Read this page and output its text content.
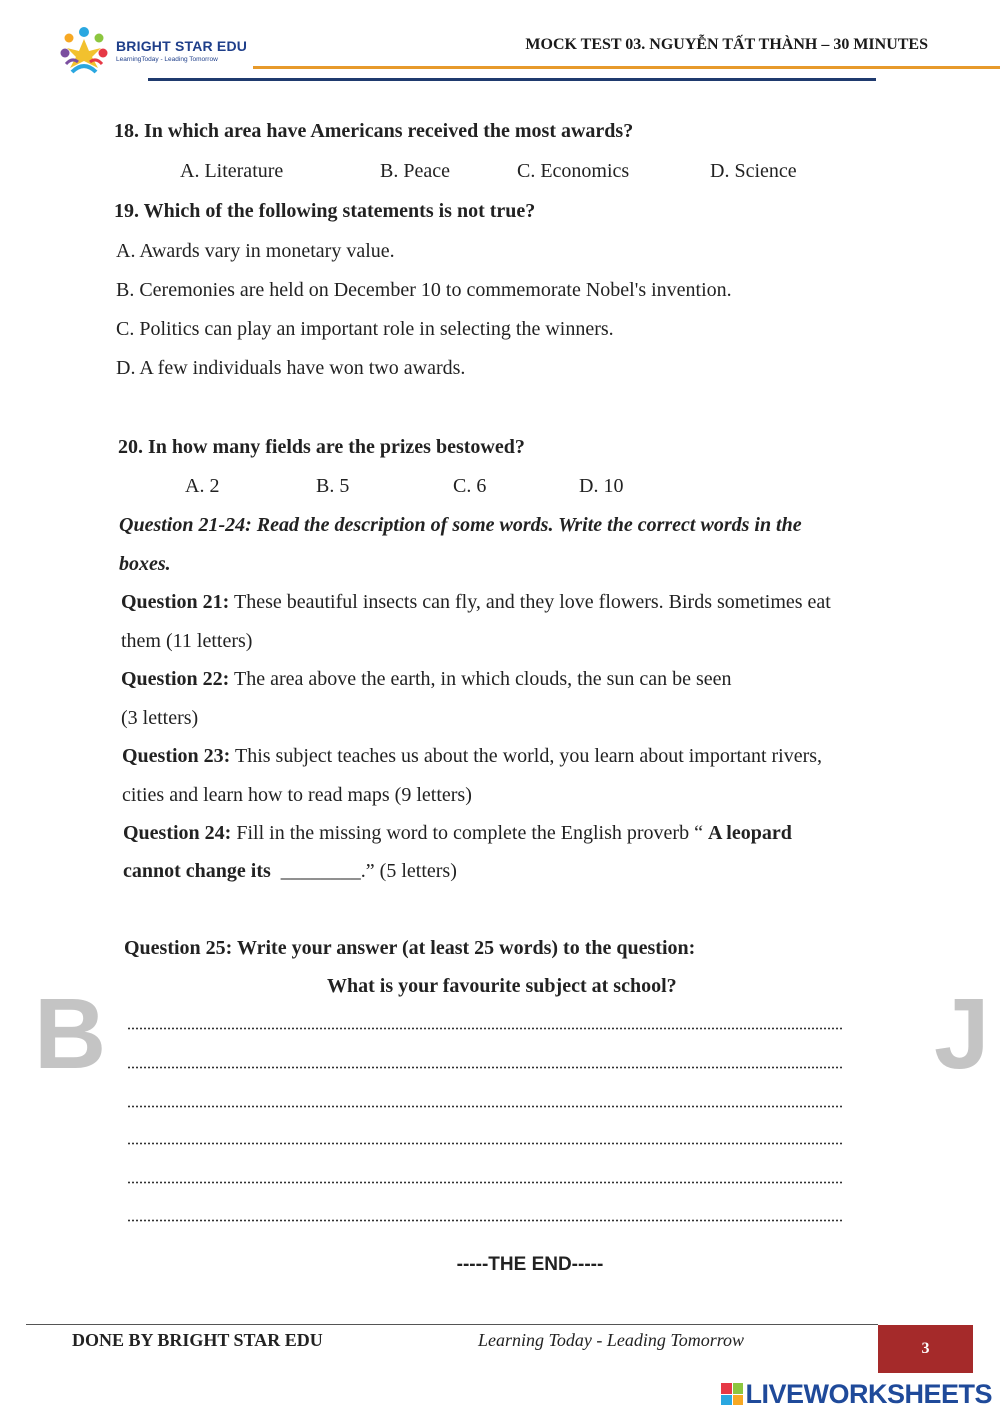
BRIGHT STAR EDU
LearningToday - Leading Tomorrow
MOCK TEST 03. NGUYỄN TẤT THÀNH – 30 MINUTES
B	J
18. In which area have Americans received the most awards?
A. Literature	B. Peace	C. Economics	D. Science
19. Which of the following statements is not true?
A. Awards vary in monetary value.
B. Ceremonies are held on December 10 to commemorate Nobel's invention.
C. Politics can play an important role in selecting the winners.
D. A few individuals have won two awards.
20. In how many fields are the prizes bestowed?
A. 2	B. 5	C. 6	D. 10
Question 21-24: Read the description of some words. Write the correct words in the
boxes.
Question 21: These beautiful insects can fly, and they love flowers. Birds sometimes eat
them (11 letters)
Question 22: The area above the earth, in which clouds, the sun can be seen
(3 letters)
Question 23: This subject teaches us about the world, you learn about important rivers,
cities and learn how to read maps (9 letters)
Question 24: Fill in the missing word to complete the English proverb “ A leopard
cannot change its ________.” (5 letters)
Question 25: Write your answer (at least 25 words) to the question:
What is your favourite subject at school?
-----THE END-----
DONE BY BRIGHT STAR EDU	Learning Today - Leading Tomorrow	3
LIVEWORKSHEETS
